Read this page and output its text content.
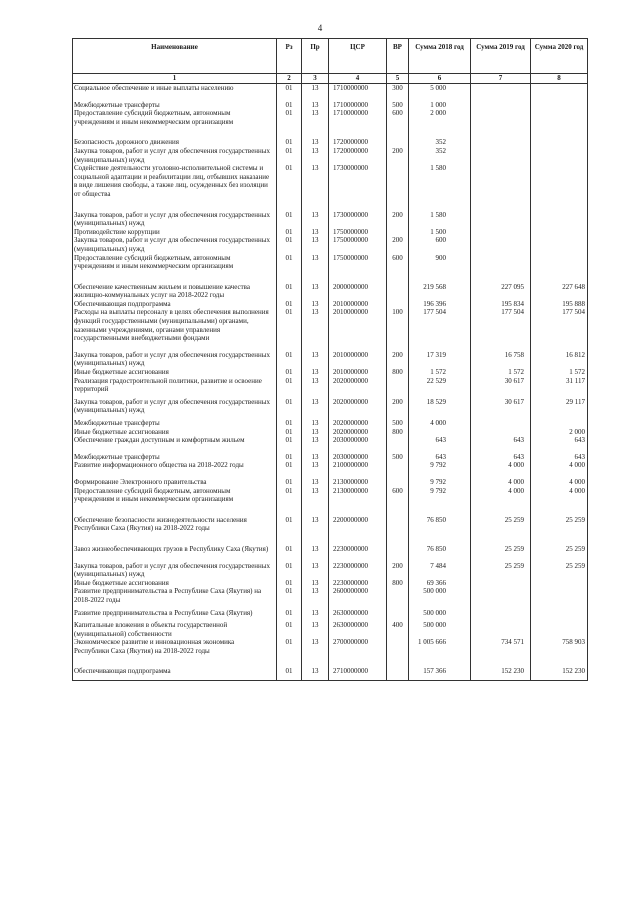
4
Наименование	Рз	Пр	ЦСР	ВР	Сумма 2018 год	Сумма 2019 год	Сумма 2020 год
1	2	3	4	5	6	7	8
Социальное обеспечение и иные выплаты населению	01	13	1710000000	300	5 000		

Межбюджетные трансферты	01	13	1710000000	500	1 000		
Предоставление субсидий бюджетным, автономным учреждениям и иным некоммерческим организациям	01	13	1710000000	600	2 000		

Безопасность дорожного движения	01	13	1720000000		352		
Закупка товаров, работ и услуг для обеспечения государственных (муниципальных) нужд	01	13	1720000000	200	352		
Содействие деятельности уголовно-исполнительной системы и социальной адаптации и реабилитации лиц, отбывших наказание в виде лишения свободы, а также лиц, осужденных без изоляции от общества	01	13	1730000000		1 580		

Закупка товаров, работ и услуг для обеспечения государственных (муниципальных) нужд	01	13	1730000000	200	1 580		
Противодействие коррупции	01	13	1750000000		1 500		
Закупка товаров, работ и услуг для обеспечения государственных (муниципальных) нужд	01	13	1750000000	200	600		
Предоставление субсидий бюджетным, автономным учреждениям и иным некоммерческим организациям	01	13	1750000000	600	900		

Обеспечение качественным жильем и повышение качества жилищно-коммунальных услуг на 2018-2022 годы	01	13	2000000000		219 568	227 095	227 648
Обеспечивающая подпрограмма	01	13	2010000000		196 396	195 834	195 888
Расходы на выплаты персоналу в целях обеспечения выполнения функций государственными (муниципальными) органами, казенными учреждениями, органами управления государственными внебюджетными фондами	01	13	2010000000	100	177 504	177 504	177 504

Закупка товаров, работ и услуг для обеспечения государственных (муниципальных) нужд	01	13	2010000000	200	17 319	16 758	16 812
Иные бюджетные ассигнования	01	13	2010000000	800	1 572	1 572	1 572
Реализация градостроительной политики, развитие и освоение территорий	01	13	2020000000		22 529	30 617	31 117

Закупка товаров, работ и услуг для обеспечения государственных (муниципальных) нужд	01	13	2020000000	200	18 529	30 617	29 117

Межбюджетные трансферты	01	13	2020000000	500	4 000		
Иные бюджетные ассигнования	01	13	2020000000	800			2 000
Обеспечение граждан доступным и комфортным жильем	01	13	2030000000		643	643	643

Межбюджетные трансферты	01	13	2030000000	500	643	643	643
Развитие информационного общества на 2018-2022 годы	01	13	2100000000		9 792	4 000	4 000

Формирование Электронного правительства	01	13	2130000000		9 792	4 000	4 000
Предоставление субсидий бюджетным, автономным учреждениям и иным некоммерческим организациям	01	13	2130000000	600	9 792	4 000	4 000

Обеспечение безопасности жизнедеятельности населения Республики Саха (Якутия) на 2018-2022 годы	01	13	2200000000		76 850	25 259	25 259

Завоз жизнеобеспечивающих грузов в Республику Саха (Якутия)	01	13	2230000000		76 850	25 259	25 259

Закупка товаров, работ и услуг для обеспечения государственных (муниципальных) нужд	01	13	2230000000	200	7 484	25 259	25 259
Иные бюджетные ассигнования	01	13	2230000000	800	69 366		
Развитие предпринимательства в Республике Саха (Якутия) на 2018-2022 годы	01	13	2600000000		500 000		

Развитие предпринимательства в Республике Саха (Якутия)	01	13	2630000000		500 000		

Капитальные вложения в объекты государственной (муниципальной) собственности	01	13	2630000000	400	500 000		
Экономическое развитие и инновационная экономика Республики Саха (Якутия) на 2018-2022 годы	01	13	2700000000		1 005 666	734 571	758 903

Обеспечивающая подпрограмма	01	13	2710000000		157 366	152 230	152 230
